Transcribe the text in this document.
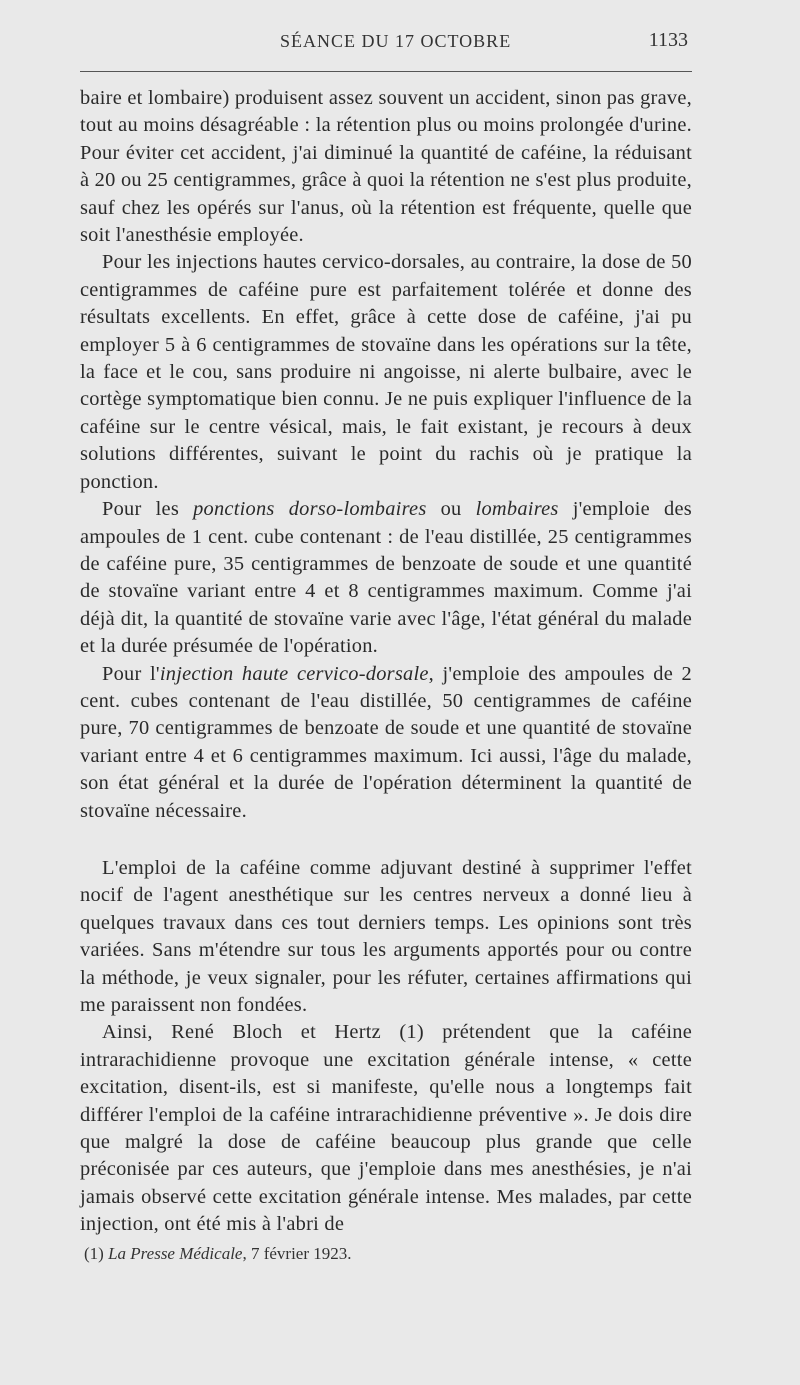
SÉANCE DU 17 OCTOBRE	1133

baire et lombaire) produisent assez souvent un accident, sinon pas grave, tout au moins désagréable : la rétention plus ou moins prolongée d'urine. Pour éviter cet accident, j'ai diminué la quantité de caféine, la réduisant à 20 ou 25 centigrammes, grâce à quoi la rétention ne s'est plus produite, sauf chez les opérés sur l'anus, où la rétention est fréquente, quelle que soit l'anesthésie employée.

Pour les injections hautes cervico-dorsales, au contraire, la dose de 50 centigrammes de caféine pure est parfaitement tolérée et donne des résultats excellents. En effet, grâce à cette dose de caféine, j'ai pu employer 5 à 6 centigrammes de stovaïne dans les opérations sur la tête, la face et le cou, sans produire ni angoisse, ni alerte bulbaire, avec le cortège symptomatique bien connu. Je ne puis expliquer l'influence de la caféine sur le centre vésical, mais, le fait existant, je recours à deux solutions différentes, suivant le point du rachis où je pratique la ponction.

Pour les ponctions dorso-lombaires ou lombaires j'emploie des ampoules de 1 cent. cube contenant : de l'eau distillée, 25 centigrammes de caféine pure, 35 centigrammes de benzoate de soude et une quantité de stovaïne variant entre 4 et 8 centigrammes maximum. Comme j'ai déjà dit, la quantité de stovaïne varie avec l'âge, l'état général du malade et la durée présumée de l'opération.

Pour l'injection haute cervico-dorsale, j'emploie des ampoules de 2 cent. cubes contenant de l'eau distillée, 50 centigrammes de caféine pure, 70 centigrammes de benzoate de soude et une quantité de stovaïne variant entre 4 et 6 centigrammes maximum. Ici aussi, l'âge du malade, son état général et la durée de l'opération déterminent la quantité de stovaïne nécessaire.

L'emploi de la caféine comme adjuvant destiné à supprimer l'effet nocif de l'agent anesthétique sur les centres nerveux a donné lieu à quelques travaux dans ces tout derniers temps. Les opinions sont très variées. Sans m'étendre sur tous les arguments apportés pour ou contre la méthode, je veux signaler, pour les réfuter, certaines affirmations qui me paraissent non fondées.

Ainsi, René Bloch et Hertz (1) prétendent que la caféine intrarachidienne provoque une excitation générale intense, « cette excitation, disent-ils, est si manifeste, qu'elle nous a longtemps fait différer l'emploi de la caféine intrarachidienne préventive ». Je dois dire que malgré la dose de caféine beaucoup plus grande que celle préconisée par ces auteurs, que j'emploie dans mes anesthésies, je n'ai jamais observé cette excitation générale intense. Mes malades, par cette injection, ont été mis à l'abri de

(1) La Presse Médicale, 7 février 1923.
